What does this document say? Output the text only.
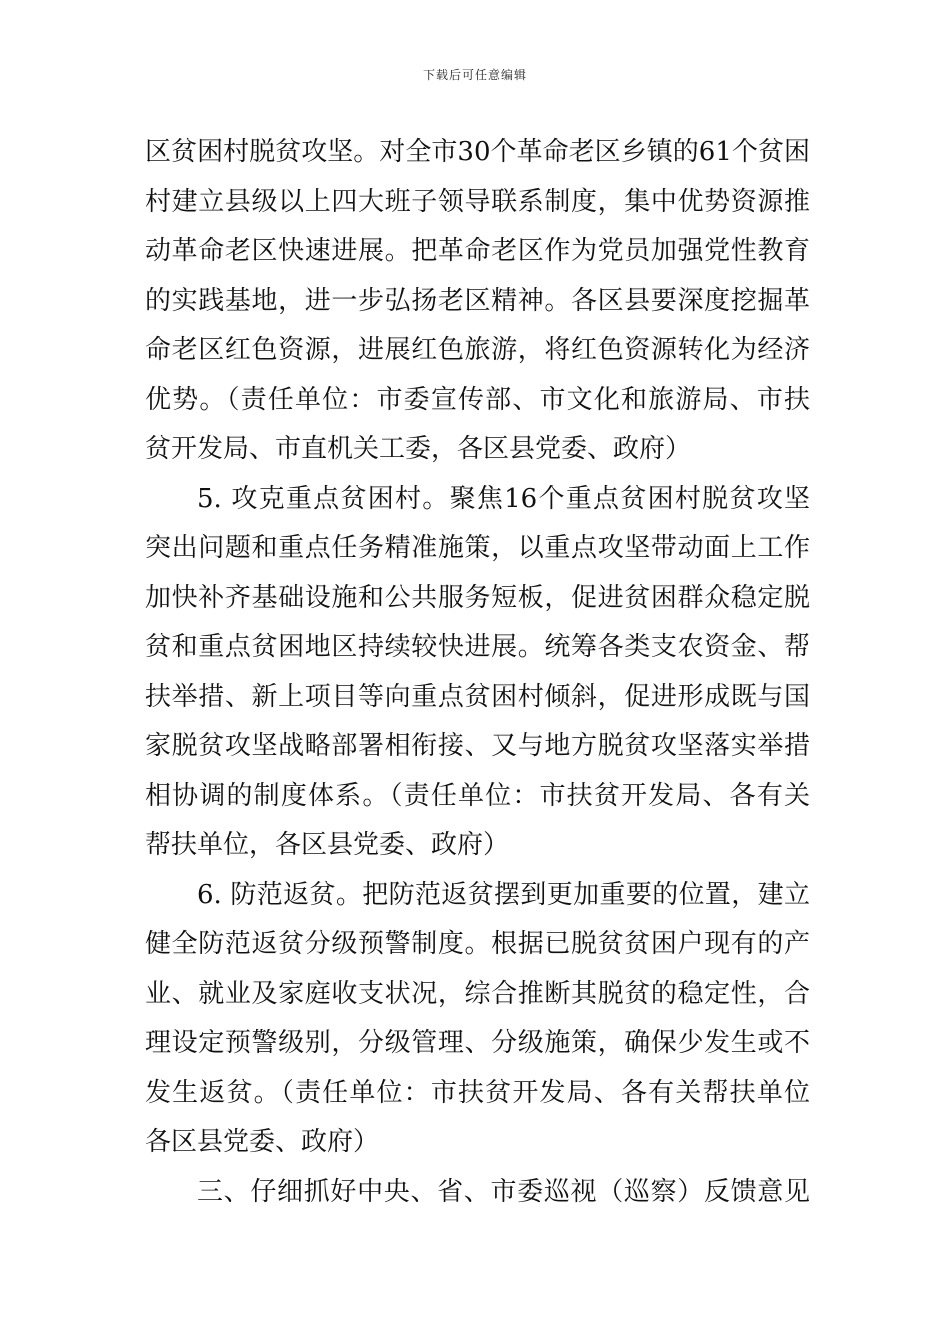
下载后可任意编辑
区贫困村脱贫攻坚。对全市30个革命老区乡镇的61个贫困
村建立县级以上四大班子领导联系制度，集中优势资源推
动革命老区快速进展。把革命老区作为党员加强党性教育
的实践基地，进一步弘扬老区精神。各区县要深度挖掘革
命老区红色资源，进展红色旅游，将红色资源转化为经济
优势。（责任单位：市委宣传部、市文化和旅游局、市扶
贫开发局、市直机关工委，各区县党委、政府）
5. 攻克重点贫困村。聚焦16个重点贫困村脱贫攻坚
突出问题和重点任务精准施策，以重点攻坚带动面上工作
加快补齐基础设施和公共服务短板，促进贫困群众稳定脱
贫和重点贫困地区持续较快进展。统筹各类支农资金、帮
扶举措、新上项目等向重点贫困村倾斜，促进形成既与国
家脱贫攻坚战略部署相衔接、又与地方脱贫攻坚落实举措
相协调的制度体系。（责任单位：市扶贫开发局、各有关
帮扶单位，各区县党委、政府）
6. 防范返贫。把防范返贫摆到更加重要的位置，建立
健全防范返贫分级预警制度。根据已脱贫贫困户现有的产
业、就业及家庭收支状况，综合推断其脱贫的稳定性，合
理设定预警级别，分级管理、分级施策，确保少发生或不
发生返贫。（责任单位：市扶贫开发局、各有关帮扶单位
各区县党委、政府）
三、仔细抓好中央、省、市委巡视（巡察）反馈意见
